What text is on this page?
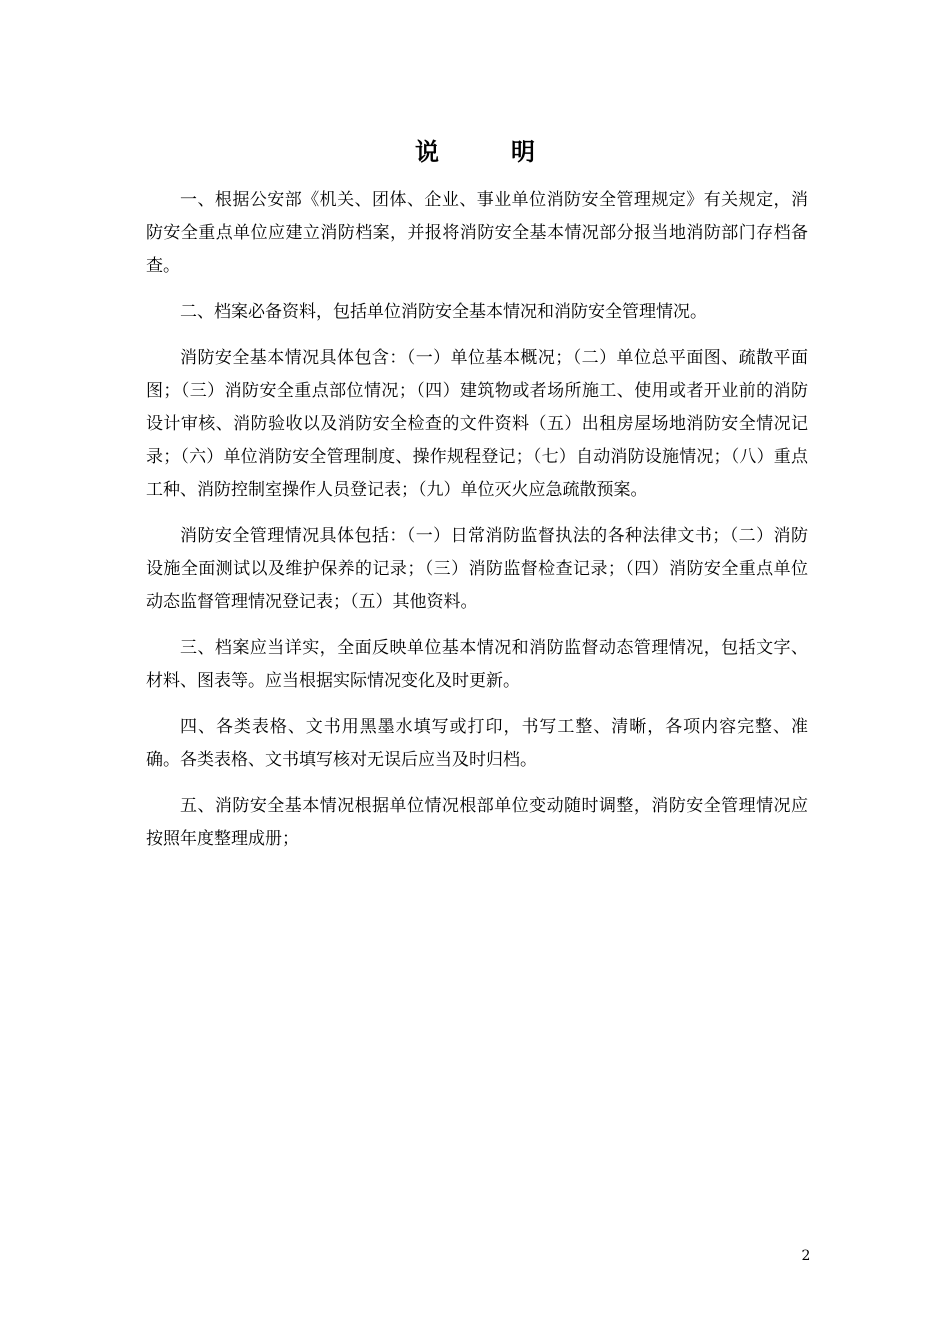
说	明

一、根据公安部《机关、团体、企业、事业单位消防安全管理规定》有关规定，消防安全重点单位应建立消防档案，并报将消防安全基本情况部分报当地消防部门存档备查。

二、档案必备资料，包括单位消防安全基本情况和消防安全管理情况。

消防安全基本情况具体包含：（一）单位基本概况；（二）单位总平面图、疏散平面图；（三）消防安全重点部位情况；（四）建筑物或者场所施工、使用或者开业前的消防设计审核、消防验收以及消防安全检查的文件资料（五）出租房屋场地消防安全情况记录；（六）单位消防安全管理制度、操作规程登记；（七）自动消防设施情况；（八）重点工种、消防控制室操作人员登记表；（九）单位灭火应急疏散预案。

消防安全管理情况具体包括：（一）日常消防监督执法的各种法律文书；（二）消防设施全面测试以及维护保养的记录；（三）消防监督检查记录；（四）消防安全重点单位动态监督管理情况登记表；（五）其他资料。

三、档案应当详实，全面反映单位基本情况和消防监督动态管理情况，包括文字、材料、图表等。应当根据实际情况变化及时更新。

四、各类表格、文书用黑墨水填写或打印，书写工整、清晰，各项内容完整、准确。各类表格、文书填写核对无误后应当及时归档。

五、消防安全基本情况根据单位情况根部单位变动随时调整，消防安全管理情况应按照年度整理成册；

2
